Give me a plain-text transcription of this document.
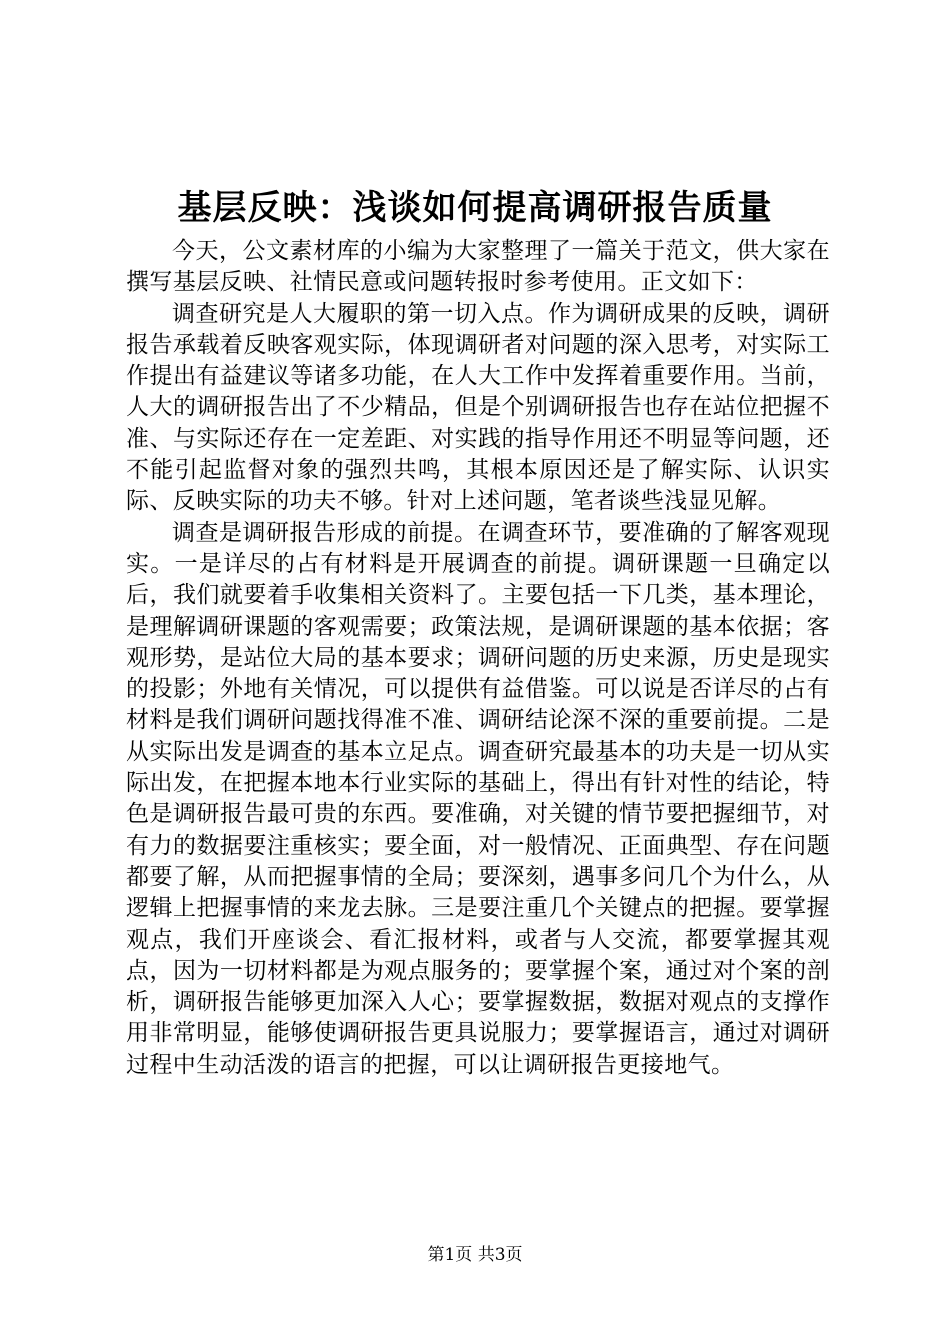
基层反映：浅谈如何提高调研报告质量

今天，公文素材库的小编为大家整理了一篇关于范文，供大家在撰写基层反映、社情民意或问题转报时参考使用。正文如下：

调查研究是人大履职的第一切入点。作为调研成果的反映，调研报告承载着反映客观实际，体现调研者对问题的深入思考，对实际工作提出有益建议等诸多功能，在人大工作中发挥着重要作用。当前，人大的调研报告出了不少精品，但是个别调研报告也存在站位把握不准、与实际还存在一定差距、对实践的指导作用还不明显等问题，还不能引起监督对象的强烈共鸣，其根本原因还是了解实际、认识实际、反映实际的功夫不够。针对上述问题，笔者谈些浅显见解。

调查是调研报告形成的前提。在调查环节，要准确的了解客观现实。一是详尽的占有材料是开展调查的前提。调研课题一旦确定以后，我们就要着手收集相关资料了。主要包括一下几类，基本理论，是理解调研课题的客观需要；政策法规，是调研课题的基本依据；客观形势，是站位大局的基本要求；调研问题的历史来源，历史是现实的投影；外地有关情况，可以提供有益借鉴。可以说是否详尽的占有材料是我们调研问题找得准不准、调研结论深不深的重要前提。二是从实际出发是调查的基本立足点。调查研究最基本的功夫是一切从实际出发，在把握本地本行业实际的基础上，得出有针对性的结论，特色是调研报告最可贵的东西。要准确，对关键的情节要把握细节，对有力的数据要注重核实；要全面，对一般情况、正面典型、存在问题都要了解，从而把握事情的全局；要深刻，遇事多问几个为什么，从逻辑上把握事情的来龙去脉。三是要注重几个关键点的把握。要掌握观点，我们开座谈会、看汇报材料，或者与人交流，都要掌握其观点，因为一切材料都是为观点服务的；要掌握个案，通过对个案的剖析，调研报告能够更加深入人心；要掌握数据，数据对观点的支撑作用非常明显，能够使调研报告更具说服力；要掌握语言，通过对调研过程中生动活泼的语言的把握，可以让调研报告更接地气。

第1页 共3页
